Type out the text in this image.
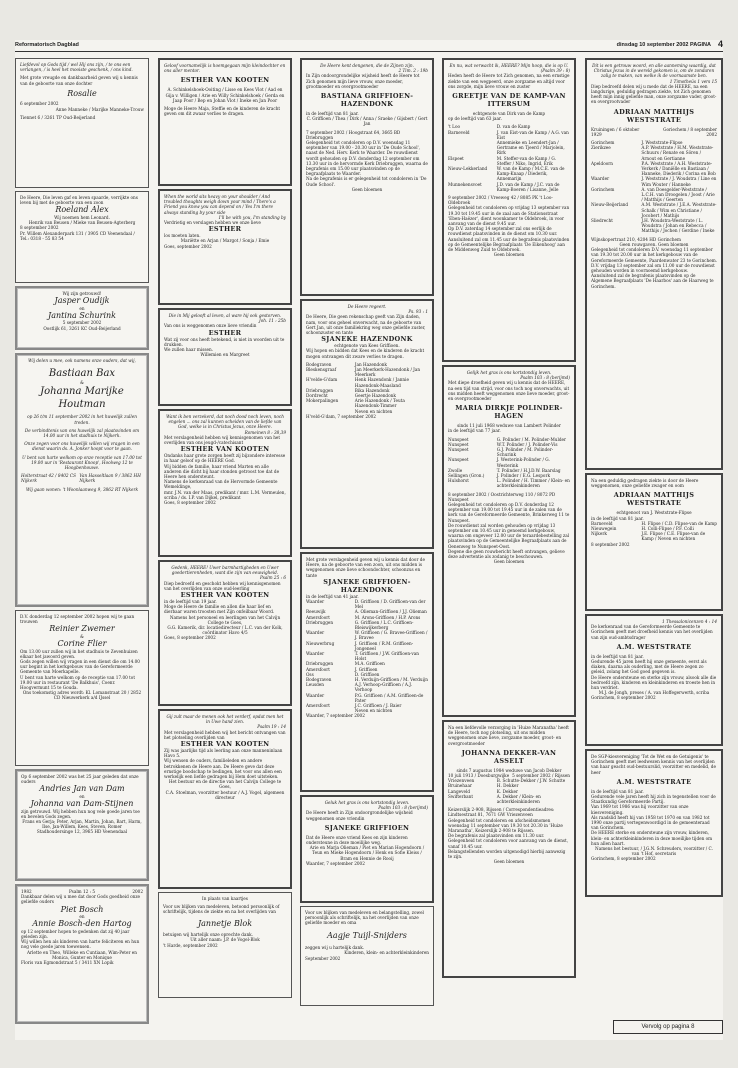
Reformatorisch Dagblad	dinsdag 10 september 2002 PAGINA 4
Liefdevol op Gods tijd / wel Hij ons zijn, / te ons een verlangen, / is heel het mooiste geschenk, / ons kind.
Met grote vreugde en dankbaarheid geven wij u kennis van de geboorte van onze dochter
Rosalie
6 september 2002
Anne Manneke / Marijke Manneke-Trouw
Tiennet 6 / 3261 TP Oud-Beijerland
De Heere, Die leven gaf en leven spaarde, verrijkte ons leven bij met de geboorte van een zoon
Roeland Alex
Wij noemen hem Leonard.
Henrik van Beusen / Mieke van Beusen-Agterberg
8 september 2002
Pr. Willem Alexanderpark 131 / 3905 CD Veenendaal / Tel.: 0318 - 55 83 54
Wij zijn getrouwd!
Jasper Oudijk
en
Jantina Schurink
5 september 2002
Oostlijk 61, 3261 KC Oud-Beijerland
Wij delen u mee, ook namens onze ouders, dat wij,
Bastiaan Bax
&
Johanna Marijke Houtman
op 26 t/m 11 september 2002 in het huwelijk zullen treden.
De verbindtenis van ons huwelijk zal plaatsvinden om 14.00 uur in het stadhuis te Nijkerk.
Onze zegen voor ons huwelijk willen wij vragen in een dienst waarin ds. A. Jonker hoopt voor te gaan.
U bent van harte welkom op onze receptie van 17.00 tot 19.00 uur in 'Restaurant Knoop', Hoolweg 12 te Hoogbenhouwe.
Holterstraat 42 / 8402 CS Nijkerk
Van Hasseltlaan 9 / 3862 HH Nijkerk
Wij gaan wonen: 't Woonlaanweg 9, 3862 RT Nijkerk
D.V. donderdag 12 september 2002 hopen wij te gaan trouwen
Reinier Zwemer
&
Corine Flier
Om 13.00 uur zullen wij in het stadhuis te Zevenhuizen elkaar het jawoord geven.
Gods zegen willen wij vragen in een dienst die om 14.00 uur begint in het kerkgebouw van de Gereformeerde Gemeente van Moerkapelle.
U bent van harte welkom op de receptie van 17.00 tot 19.00 uur in restaurant 'De Balkhuis', Coenr. Hoogvermunt 15 te Gouda.
Ons toekomstig adres wordt: Kl. Lomanstraat 20 / 2852 CD Nieuwerkerk a/d IJssel
Op 6 september 2002 was het 25 jaar geleden dat onze ouders
Andries Jan van Dam
en
Johanna van Dam-Stijnen
zijn getrouwd. Wij hebben hun nog vele goede jaren toe en bevelen Gods zegen.
Frans en Gerja; Peter, Arjan, Martin, Johan, Bart, Harm, Ilse, Jan-Willem, Kees, Steven, Romer
Stadhoudersinge 12, 3965 HD Veenendaal
1982	Psalm 12 : 5	2002
Dankbaar delen wij u mee dat door Gods goedheid onze geliefde ouders
Piet Bosch
en
Annie Bosch-den Hartog
op 12 september hopen te gedenken dat zij 40 jaar geleden zijn.
Wij willen hen als kinderen van harte feliciteren en hun nog vele goede jaren toewensen.
Arlette en Theo, Willeke en Cuntiaan, Wim-Peter en Monica, Gunter en Monique
Floris van Egmondstraat 5 / 3411 XN Lopik
Geloof voornamelijk is hoemgegaan mijn kleindochter en ons aller mentor.
ESTHER VAN KOOTEN
A. Schinkelshoek-Ooiting / Lisse en Kees Vlot / Aad en Gija v. Willigen / Arie en Willy Schinkelshoek / Gerda en Jaap Poor / Bep en Johan Vlot / Ineke en Jan Poor
Moge de Heere Maja, Steffie en de kinderen de kracht geven om dit zwaar verlies te dragen.
When the world sits heavy on your shoulder / And troubled thoughts weigh down your mind / There's a Friend you know you can depend on / Yes I'm there always standing by your side
I'll be with you, I'm standing by
Verdrietig en verslagen hebben we onze lieve
ESTHER
los moeten laten.
Mariëtte en Arjan / Margot / Sonja / Emie
Goes, september 2002
Die in Mij gelooft al leven, al ware hij ook gestorven.
Joh. 11 : 25b
Van ons is weggenomen onze lieve vriendin
ESTHER
Wat zij voor ons heeft betekend, is niet in woorden uit te drukken.
We zullen haar missen.
Willemien en Margreet
Want ik ben verzekerd, dat noch dood noch leven, noch engelen ... ons zal kunnen scheiden van de liefde van God, welke is in Christus Jezus, onze Heere.
Romeinen 8 : 38,39
Met verslagenheid hebben wij kennisgenomen van het overlijden van ons jeugd-/catechisant
ESTHER VAN KOOTEN
Ondanks haar grote zorgen heeft zij bijzondere interesse in haar geloof op de HEERE God.
Wij bidden de familie, haar vriend Marten en alle anderen die dicht bij haar stonden getroost toe dat de Heere hen ondersteunt.
Namens de kerkenraad van de Hervormde Gemeente Wemeldinge,
mnr. J.N. van der Maas, predikant / mnr. L.M. Vermeulen, scriba / ds. I.P. van Dijkel, predikant
Goes, 8 september 2002
Gedenk, HEERE! Uwer barmhartigheden en Uwer goedertierenheden, want die zijn van eeuwigheid.
Psalm 25 : 6
Diep bedroefd en geschokt hebben wij kennisgenomen van het overlijden van onze oud-leerling
ESTHER VAN KOOTEN
in de leeftijd van 19 jaar.
Moge de Heere de familie en allen die haar lief en dierbaar waren troosten met Zijn onfeilbaar Woord.
Namens het personeel en leerlingen van het Calvijn College te Goes,
G.G. Kamerik, dir. locatiedirecteur / L.C. van der Kolk, coördinator Havo 4/5
Goes, 8 september 2002
Gij zult maar de menen ook het verderf, opdat men het in Uwe hand zien.
Psalm 19 : 14
Met verslagenheid hebben wij het bericht ontvangen van het plotseling overlijden van
ESTHER VAN KOOTEN
Zij was jaarlijks tijd als leerling aan onze manneninlaan Havo 5.
Wij wensen de ouders, familieleden en andere betrokkenen de Heere aan. De Heere geve dat deze ernstige boodschap te bedingen, het voor ons allen een werkelijk een liefde gedragen bij Hem doet uitsteken.
Het bestuur en de directie van het Calvijn College te Goes,
C.A. Stoelman, voorzitter bestuur / A.J. Vogel, algemeen directeur
In plaats van kaartjes
Voor uw blijken van medeleven, betoond persoonlijk of schriftelijk, tijdens de ziekte en na het overlijden van
Jannetje Blok
betuigen wij hartelijk onze oprechte dank.
Uit aller naam: J.P. de Vogel-Blok
't Harde, september 2002
De Heere kent dengenen, die de Zijnen zijn.
2 Tim. 2 : 19b
In Zijn ondoorgrondelijke wijsheid heeft de Heere tot Zich genomen mijn lieve vrouw, onze moeder, grootmoeder en overgrootmoeder
BASTIANA GRIFFIOEN-HAZENDONK
in de leeftijd van 81 jaar.
C. Griffioen / Thea / Dirk / Anna / Sraeke / Gijsbert / Gert Jan
7 september 2002 / Hoogstraat 64, 3665 BD Driebruggen
Gelegenheid tot condoleren op D.V. woensdag 11 september van 19.00 - 20.30 uur in 'De Oude School', naast de Ned. Herv. Kerk te Waarder. De rouwdienst wordt gehouden op D.V. donderdag 12 september om 13.30 uur in de hervormde Kerk Driebruggen, waarna de begrafenis om 15.00 uur plaatsvinden op de begraafplaats te Waarder.
Na de begrafenis is er gelegenheid tot condoleren in 'De Oude School'.
Geen bloemen
De Heere regeert.
Ps. 93 : 1
De Heere, Die geen rekenschap geeft van Zijn daden, nam, voor ons geheel onverwacht, na de geboorte van Gert Jan, uit onze familiekring weg onze geliefde zuster, schoonzuster en tante
SJANEKE HAZENDONK
echtgenote van Kees Griffioen.
Wij hopen en bidden dat Kees en de kinderen de kracht mogen ontvangen dit zware verlies te dragen.
Bodegraven	Jan Hazendonk
Bleskensgraaf	Jan Meerkerk-Hazendonk / Jan Meerkerk
H'velde-G'dam	Henk Hazendonk / Jannie Hazendonk-Maasland
Driebruggen	Bika Hazendonk
Dordrecht	Geertje Hazendonk
Mokerpalingen	Arie Hazendonk / Teuta Hazendonk-Timmer
Neven en nichten
H'veld-G'dam, 7 september 2002
Met grote verslagenheid geven wij u kennis dat door de Heere, na de geboorte van een zoon, uit ons midden is weggenomen onze lieve schoondochter, schoonzus en tante
SJANEKE GRIFFIOEN-HAZENDONK
in de leeftijd van 41 jaar.
Waarder	D. Griffioen / D. Griffioen-van der Mel
Reeuwijk	A. Olieman-Griffioen / J.J. Olieman
Amersfoort	M. Arons-Griffioen / H.P. Arons
Driebruggen	G. Griffioen / L.C. Griffioen-Bleiswijkerberg
Waarder	W. Griffioen / G. Bravee-Griffioen / J. Bravee
Nieuwerbrug	J. Griffioen / R.M. Griffioen-Jongeneel
Waarder	T. Griffioen / J.W. Griffioen-van Holst
Driebruggen	M.A. Griffioen
Amersfoort	J. Griffioen
Oss	D. Griffioen
Bodegraven	H. Verduijn-Griffioen / M. Verduijn
Leusden	A.J. Verhoop-Griffioen / A.J. Verhoop
Waarder	P.G. Griffioen / A.M. Griffioen-de Pater
Amersfoort	J.C. Griffioen / J. Baier
Neven en nichten
Waarder, 7 september 2002
Geluk het gras is ons kortstondig leven.
Psalm 103 : 8 (berijmd)
De Heere heeft in Zijn ondoorgrondelijke wijsheid weggenomen onze vriendin
SJANEKE GRIFFIOEN
Dat de Heere onze vriend Kees en zijn kinderen ondersteune in deze moeilijke weg.
Arie en Marja Olieman / Piet en Marian Hogendoorn / Teun en Mieke Hogendoorn / Henk en Sofie Kleiss / Bram en Hennie de Rooij
Waarder, 7 september 2002
Voor uw blijken van medeleven en belangstelling, zowel persoonlijk als schriftelijk, na het overlijden van onze geliefde moeder en oma
Aagje Tuijl-Snijders
zeggen wij u hartelijk dank.
Kinderen, klein- en achterkleinkinderen
September 2002
En nu, wat verwacht ik, HEERE? Mijn hoop, die is op U.
(Psalm 39 : 8)
Heden heeft de Heere tot Zich genomen, na een ernstige ziekte van een wegpeerd, onze zorgzame en altijd voor ons zorgde, mijn lieve vrouw en zuster
GREETJE VAN DE KAMP-VAN ITTERSUM
echtgenote van Dirk van de Kamp
op de leeftijd van 63 jaar.
't Loo	D. van de Kamp
Barneveld	J. van Eist-van de Kamp / A.G. van Eist
Annemieke en Leendert-Jan / Gertrame en Tjeerd / Marjolein, Rirk
Elspeet	M. Steffer-van de Kamp / G. Steffer / Niko, Ingrid, Erik
Nieuw-Lekkerland	W. van de Kamp / M.C.E. van de Kamp-Knaap / Diederik, Annemarijn
Munnekensvoet	J.D. van de Kamp / J.C. van de Kamp-Boeren / Lisanne, Jelle
9 september 2002 / Vreeweg 42 / 8085 PK 't Loo-Oldebroek
Gelegenheid tot condoleren op vrijdag 13 september van 19.30 tot 19.45 uur in de zaal aan de Stationsstraat 'Eben-Haëzer', dient woonkamer te Oldebroek, in voor aanvang van de dienst 9.45 uur.
Op D.V. zaterdag 14 september zal ons eerlijk de rouwdienst plaatsvinden in de dienst om 10.30 uur.
Aansluitend zal om 11.45 uur de begrafenis plaatsvinden op de Gemeentelijke Begraafplaats 'De Eikenhoog' aan de Middenweg Zuid te Oldebroek.
Geen bloemen
Gelijk het gras is ons kortstondig leven.
Psalm 103 : 8 (berijmd)
Met diepe droefheid geven wij u kennis dat de HEERE, na een tijd van strijd, voor ons toch nog onverwachts, uit ons midden heeft weggenomen onze lieve moeder, groot- en overgrootmoeder
MARIA DIRKJE POLINDER-HAGEN
sinds 11 juli 1968 weduwe van Lambert Polinder
in de leeftijd van 77 jaar.
Nunspeet	G. Polinder / M. Polinder-Mulder
Nunspeet	W.T. Polinder / J. Polinder-Vis
Nunspeet	G.J. Polinder / M. Polinder-Schurink
Nunspeet	J. Westerink-Polinder / G. Westerink
Zwolle	T. Polinder / H.J.D.W. Baarslag
Sellingen (Gron.)	J. Polinder / E.G. Lespork
Hulshorst	L. Polinder / H. Timmer / Klein- en achterkleinkinderen
8 september 2002 / Oostrichterweg 110 / 8072 PD Nunspeet
Gelegenheid tot condoleren op D.V. donderdag 12 september van 19.00 tot 19.45 uur in de zalen van de kerk van de Gereformeerde Gemeente, Brinkerweg 11 te Nunspeet.
De rouwdienst zal worden gehouden op vrijdag 13 september om 10.45 uur in genoemd kerkgebouw, waarna om ongeveer 12.00 uur de teraardebestelling zal plaatsvinden op de Gemeentelijke Begraafplaats aan de Oenenweg te Nunspeet-Oost.
Degene die geen rouwbericht heeft ontvangen, gelieve deze advertentie als zodanig te beschouwen.
Geen bloemen
Na een liefdevolle verzorging in 'Huize Maranatha' heeft de Heere, toch nog plotseling, uit ons midden weggenomen onze lieve, zorgzame moeder, groot- en overgrootmoeder
JOHANNA DEKKER-VAN ASSELT
sinds 7 augustus 1984 weduwe van Jacob Dekker
10 juli 1913 / Doesburgwijke 5 september 2002 / Rijssen
Vriezenveen	B. Schutte-Dekker / J.W. Schutte
Bruinehaar	H. Dekker
Langeveld	K. Dekker
Swifterbant	A. Dekker / Klein- en achterkleinkinderen
Keizerslijk 2-908, Rijssen / Correspondentieadres: Lindtsestraat 81, 7671 GW Vriezenveen
Gelegenheid tot condoleren en afscheidsmomen woensdag 11 september van 19.30 tot 20.30 in 'Huize Maranatha', Keizerslijk 2-908 te Rijssen.
De begrafenis zal plaatsvinden om 11.30 uur. Gelegenheid tot condoleren voor aanvang van de dienst, vanaf 10.45 uur.
Belangstellenden worden uitgenodigd hierbij aanwezig te zijn.
Geen bloemen
Dit is een getrouw woord, en alle aanneming waardig, dat Christus Jezus in de wereld gekomen is, om de zondaren zalig te maken, van welke ik de voornaamste ben.
1 Timotheüs 1 vers 15
Diep bedroefd delen wij u mede dat de HEERE, na een langdurige, geduldig gedragen ziekte, tot Zich genomen heeft mijn innig geliefde man, onze zorgzame vader, groot- en overgrootvader
ADRIAAN MATTHIJS WESTSTRATE
Kruiningen / 6 oktober 1929
Goriechem / 8 september 2002
Gorinchem	J. Weststrate-Flipse
Zierikzee	A.P. Weststrate / H.M. Weststrate-Schuurs / Renate en Sören / Arnout en Gertianne
Apeldoorn	P.A. Weststrate / A.H. Weststrate-Verkerk / Daniëlle en Bastiaan / Hanneke, Diederik / Corina en Bob
Waarder	J. Weststrate / J. Woudstra / Line en Wim Wouter / Hanneke
Gorinchem	A. van Doesgelder-Weststrate / L.C.H. van Droogelen / Joost / Arie / Matthijs / Geerten
Nieuw-Beijerland	A.M. Weststrate / J.E.A. Weststrate-Schalk / Wim en Christiane / Jocobert / Mathijs
Sliedrecht	J.H. Woudstra-Weststrate / L. Woudstra / Johan en Rebecca / Matthijs / Jochen / Gerdine / Ineke
Wijnskopertraat 210, 4204 HD Gorinchem
Geen rouwgaven. Geen bloemen
Gelegenheid tot condoleren D.V. woensdag 11 september van 19.30 tot 20.00 uur in het kerkgebouw van de Gereformeerde Gemeente, Paardenwater 23 te Gorinchem.
D.V. vrijdag 13 september zal om 11.00 uur de rouwdienst gehouden worden in voornoemd kerkgebouw.
Aansluitend zal de begrafenis plaatsvinden op de Algemene Begraafplaats 'De Haarbos' aan de Haarweg te Gorinchem.
Na een geduldig gedragen ziekte is door de Heere weggenomen, onze geliefde zwager en oom
ADRIAAN MATTHIJS WESTSTRATE
echtgenoot van J. Weststrate-Flipse
in de leeftijd van 81 jaar.
Barneveld	H. Flipse / C.D. Flipse-van de Kamp
Nieuwegein	H. Colli-Flipse / P.F. Colli
Nijkerk	J.E. Flipse / C.E. Flipse-van de Kamp / Neven en nichten
8 september 2002
1 Thessalonicenzen 4 : 14
De kerkenraad van de Gereformeerde Gemeente te Gorinchem geeft met droefheid kennis van het overlijden van zijn oud-ambtsdrager
A.M. WESTSTRATE
in de leeftijd van 81 jaar.
Gedurende 45 jaren heeft hij onze gemeente, eerst als diaken, daarna als ouderling, met de Heere zegen zo geleid, zolang het God goed gegeven is.
De Heere ondersteune en sterke zijn vrouw, alsook alle die bedroefd zijn, kinderen en kleinkinderen en troeste hen in hun verdriet.
M.J. de Jongh, preses / A. van Hoffegerwerth, scriba
Gorinchem, 8 september 2002
De SGP-kiesvereniging 'Tot de Wet en de Getuigenis' te Gorinchem geeft met leedwezen kennis van het overlijden van haar geacht oud-bestuurslid, voorzitter en medelid, de heer
A.M. WESTSTRATE
in de leeftijd van 81 jaar.
Gedurende vele jaren heeft hij zich in tegenstellen voor de Staatkundig Gereformeerde Partij.
Van 1969 tot 1986 was hij voorzitter van onze kiesvereniging.
Als raadslid heeft hij van 1958 tot 1970 en van 1982 tot 1990 onze partij vertegenwoordigd in de gemeenteraad van Gorinchem.
De HEERE sterke en ondersteune zijn vrouw, kinderen, klein- en achterkleinkinderen in deze moeilijke tijden om hun allen haart.
Namens het bestuur, / J.G.N. Schreuders, voorzitter / C. van 't Hof, secretaris
Gorinchem, 8 september 2002
Vervolg op pagina 8
